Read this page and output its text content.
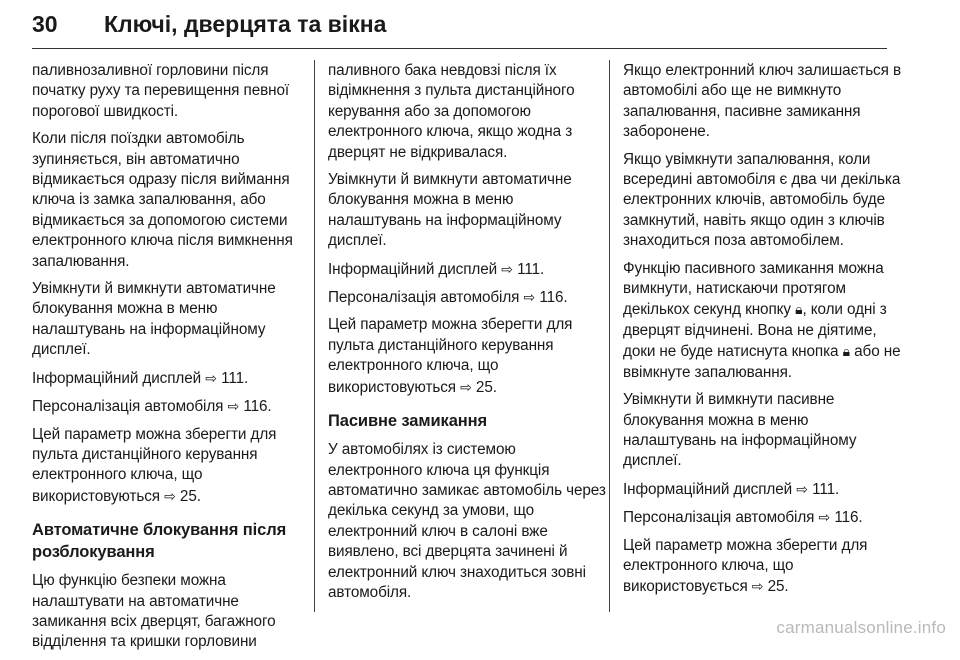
30	Ключі, дверцята та вікна

паливнозаливної горловини після початку руху та перевищення певної порогової швидкості.

Коли після поїздки автомобіль зупиняється, він автоматично відмикається одразу після виймання ключа із замка запалювання, або відмикається за допомогою системи електронного ключа після вимкнення запалювання.

Увімкнути й вимкнути автоматичне блокування можна в меню налаштувань на інформаційному дисплеї.

Інформаційний дисплей ⇨ 111.

Персоналізація автомобіля ⇨ 116.

Цей параметр можна зберегти для пульта дистанційного керування електронного ключа, що використовуються ⇨ 25.

Автоматичне блокування після розблокування

Цю функцію безпеки можна налаштувати на автоматичне замикання всіх дверцят, багажного відділення та кришки горловини

паливного бака невдовзі після їх відімкнення з пульта дистанційного керування або за допомогою електронного ключа, якщо жодна з дверцят не відкривалася.

Увімкнути й вимкнути автоматичне блокування можна в меню налаштувань на інформаційному дисплеї.

Інформаційний дисплей ⇨ 111.

Персоналізація автомобіля ⇨ 116.

Цей параметр можна зберегти для пульта дистанційного керування електронного ключа, що використовуються ⇨ 25.

Пасивне замикання

У автомобілях із системою електронного ключа ця функція автоматично замикає автомобіль через декілька секунд за умови, що електронний ключ в салоні вже виявлено, всі дверцята зачинені й електронний ключ знаходиться зовні автомобіля.

Якщо електронний ключ залишається в автомобілі або ще не вимкнуто запалювання, пасивне замикання заборонене.

Якщо увімкнути запалювання, коли всередині автомобіля є два чи декілька електронних ключів, автомобіль буде замкнутий, навіть якщо один з ключів знаходиться поза автомобілем.

Функцію пасивного замикання можна вимкнути, натискаючи протягом декількох секунд кнопку 🔒︎, коли одні з дверцят відчинені. Вона не діятиме, доки не буде натиснута кнопка 🔒︎ або не ввімкнуте запалювання.

Увімкнути й вимкнути пасивне блокування можна в меню налаштувань на інформаційному дисплеї.

Інформаційний дисплей ⇨ 111.

Персоналізація автомобіля ⇨ 116.

Цей параметр можна зберегти для електронного ключа, що використовується ⇨ 25.

carmanualsonline.info
